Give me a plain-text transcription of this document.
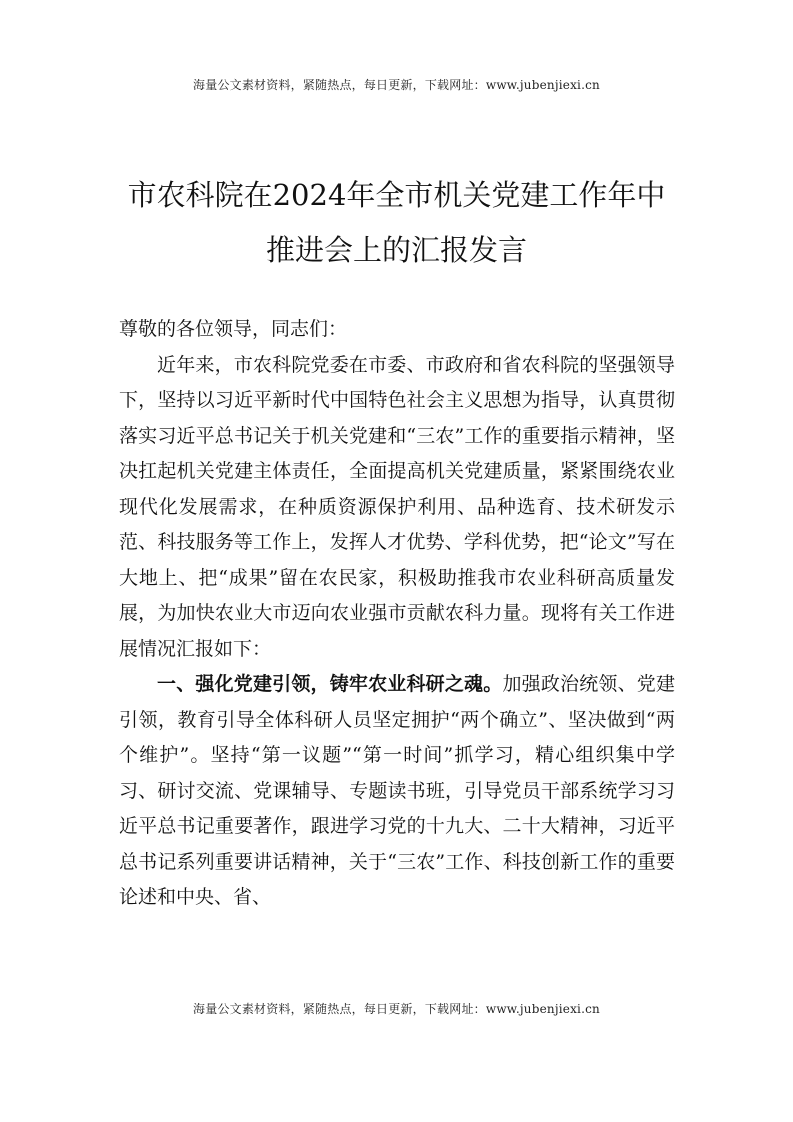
海量公文素材资料，紧随热点，每日更新，下载网址：www.jubenjiexi.cn
市农科院在2024年全市机关党建工作年中
推进会上的汇报发言

尊敬的各位领导，同志们：

近年来，市农科院党委在市委、市政府和省农科院的坚强领导下，坚持以习近平新时代中国特色社会主义思想为指导，认真贯彻落实习近平总书记关于机关党建和“三农”工作的重要指示精神，坚决扛起机关党建主体责任，全面提高机关党建质量，紧紧围绕农业现代化发展需求，在种质资源保护利用、品种选育、技术研发示范、科技服务等工作上，发挥人才优势、学科优势，把“论文”写在大地上、把“成果”留在农民家，积极助推我市农业科研高质量发展，为加快农业大市迈向农业强市贡献农科力量。现将有关工作进展情况汇报如下：

一、强化党建引领，铸牢农业科研之魂。加强政治统领、党建引领，教育引导全体科研人员坚定拥护“两个确立”、坚决做到“两个维护”。坚持“第一议题”“第一时间”抓学习，精心组织集中学习、研讨交流、党课辅导、专题读书班，引导党员干部系统学习习近平总书记重要著作，跟进学习党的十九大、二十大精神，习近平总书记系列重要讲话精神，关于“三农”工作、科技创新工作的重要论述和中央、省、

海量公文素材资料，紧随热点，每日更新，下载网址：www.jubenjiexi.cn
